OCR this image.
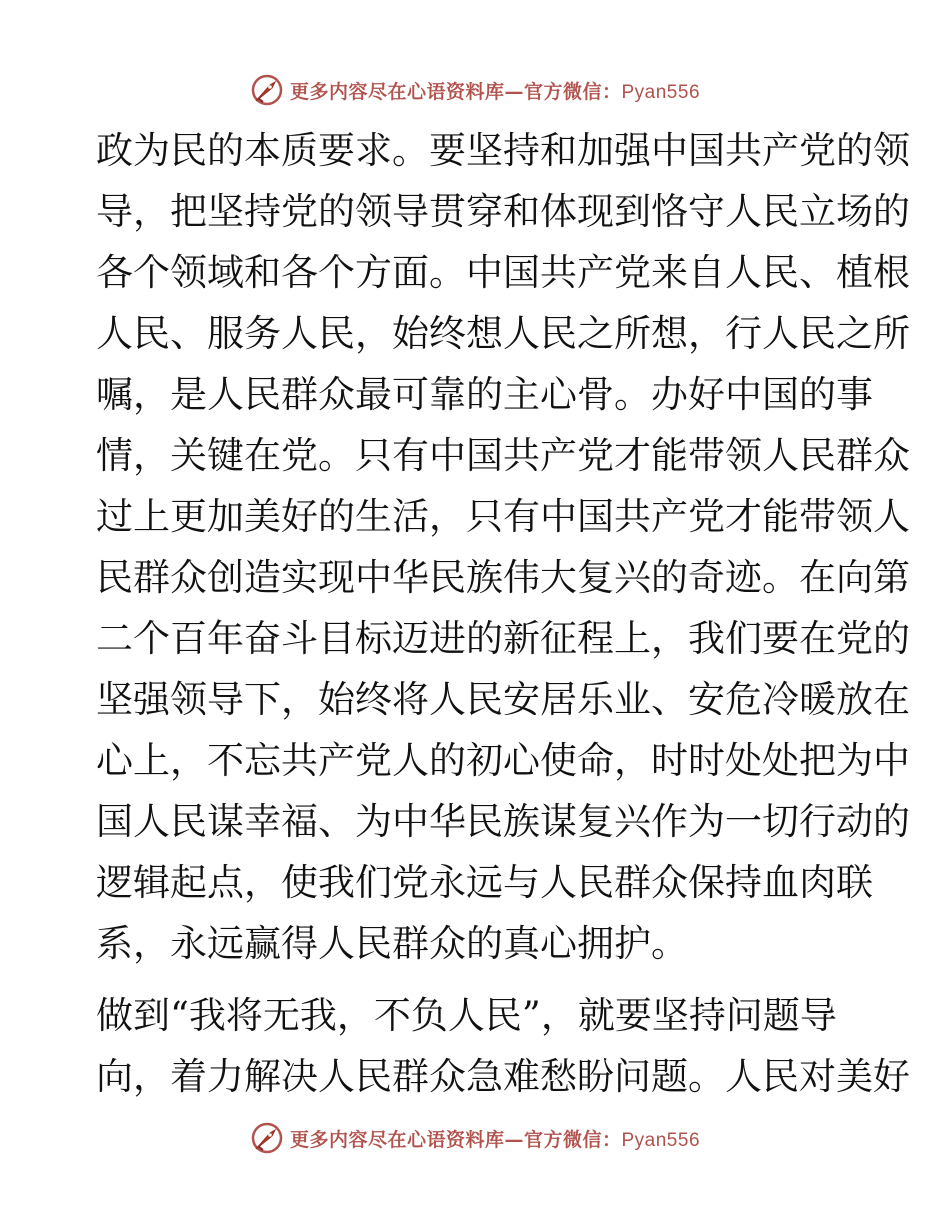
更多内容尽在心语资料库—官方微信：Pyan556
政为民的本质要求。要坚持和加强中国共产党的领
导，把坚持党的领导贯穿和体现到恪守人民立场的
各个领域和各个方面。中国共产党来自人民、植根
人民、服务人民，始终想人民之所想，行人民之所
嘱，是人民群众最可靠的主心骨。办好中国的事
情，关键在党。只有中国共产党才能带领人民群众
过上更加美好的生活，只有中国共产党才能带领人
民群众创造实现中华民族伟大复兴的奇迹。在向第
二个百年奋斗目标迈进的新征程上，我们要在党的
坚强领导下，始终将人民安居乐业、安危冷暖放在
心上，不忘共产党人的初心使命，时时处处把为中
国人民谋幸福、为中华民族谋复兴作为一切行动的
逻辑起点，使我们党永远与人民群众保持血肉联
系，永远赢得人民群众的真心拥护。
做到“我将无我，不负人民”，就要坚持问题导
向，着力解决人民群众急难愁盼问题。人民对美好
更多内容尽在心语资料库—官方微信：Pyan556
